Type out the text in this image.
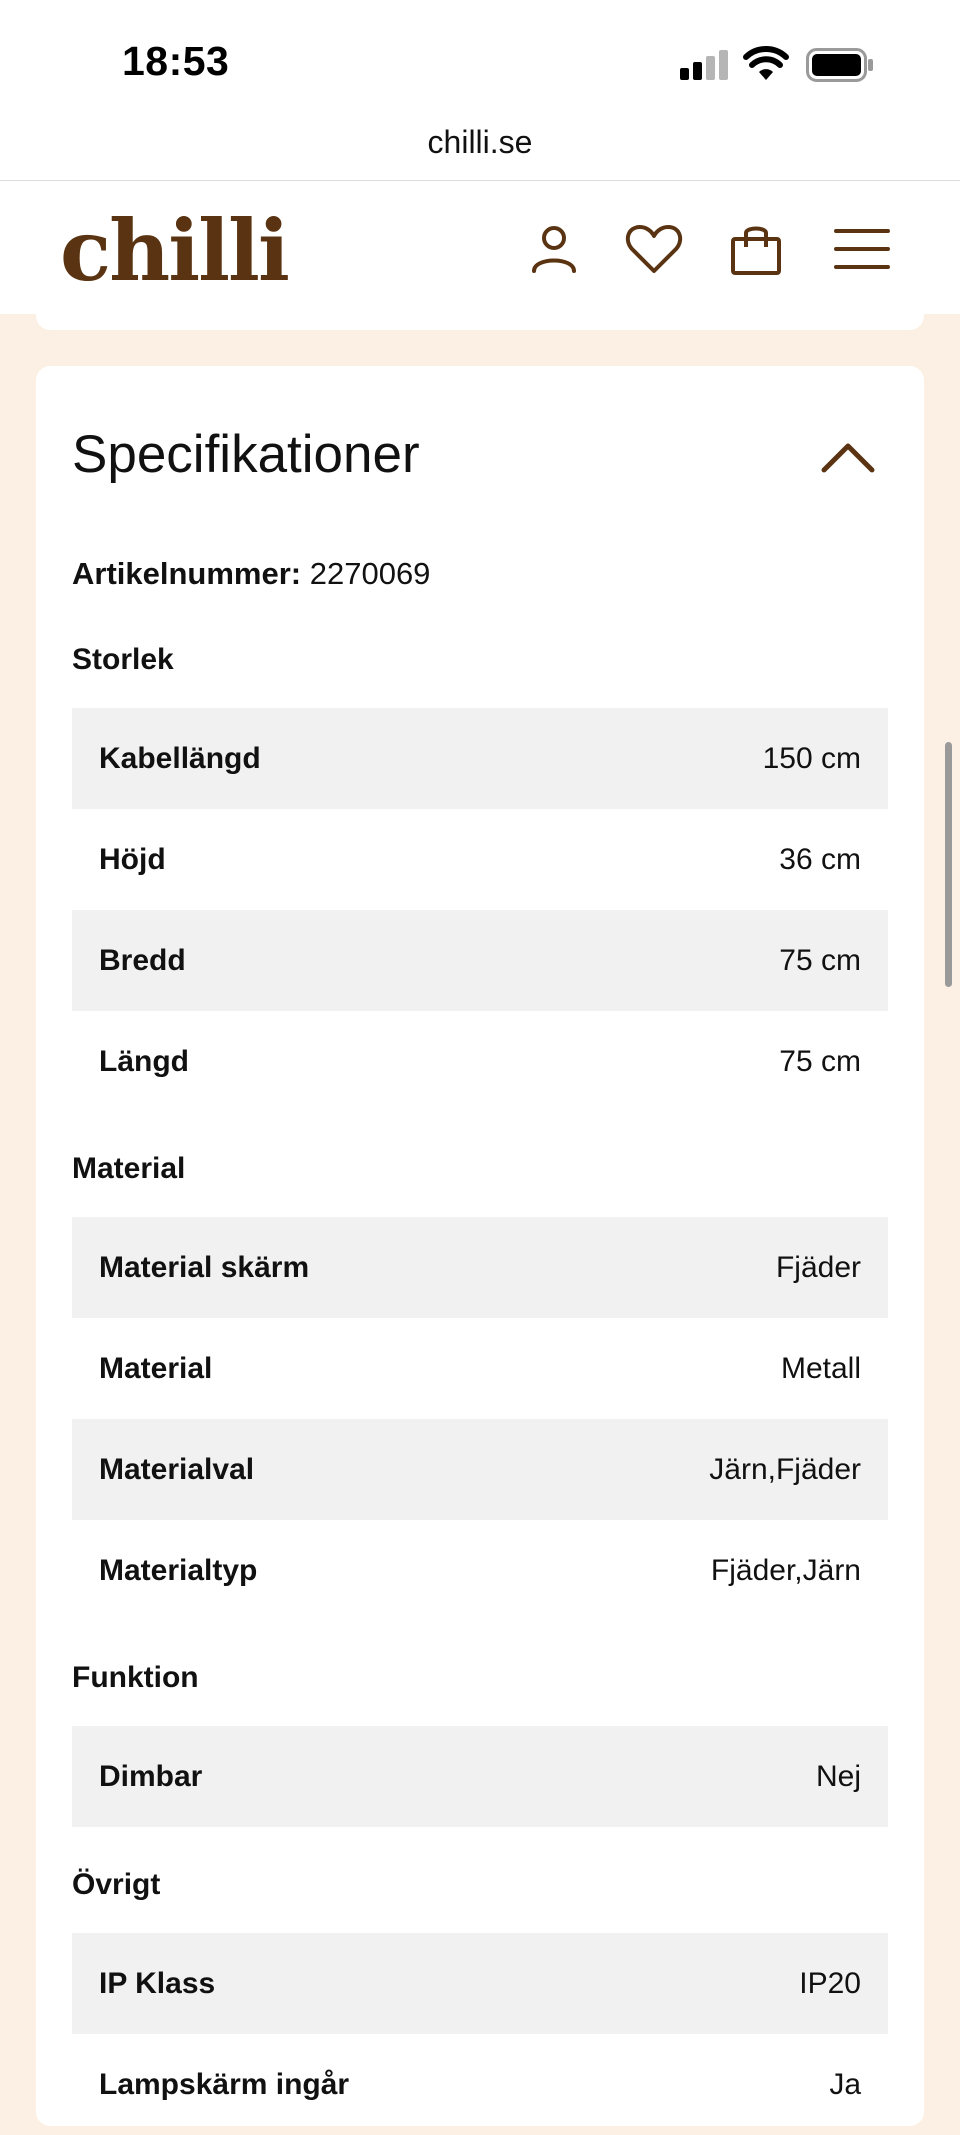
18:53
chilli.se
chilli
Specifikationer
Artikelnummer: 2270069
Storlek
Kabellängd	150 cm
Höjd	36 cm
Bredd	75 cm
Längd	75 cm
Material
Material skärm	Fjäder
Material	Metall
Materialval	Järn,Fjäder
Materialtyp	Fjäder,Järn
Funktion
Dimbar	Nej
Övrigt
IP Klass	IP20
Lampskärm ingår	Ja
